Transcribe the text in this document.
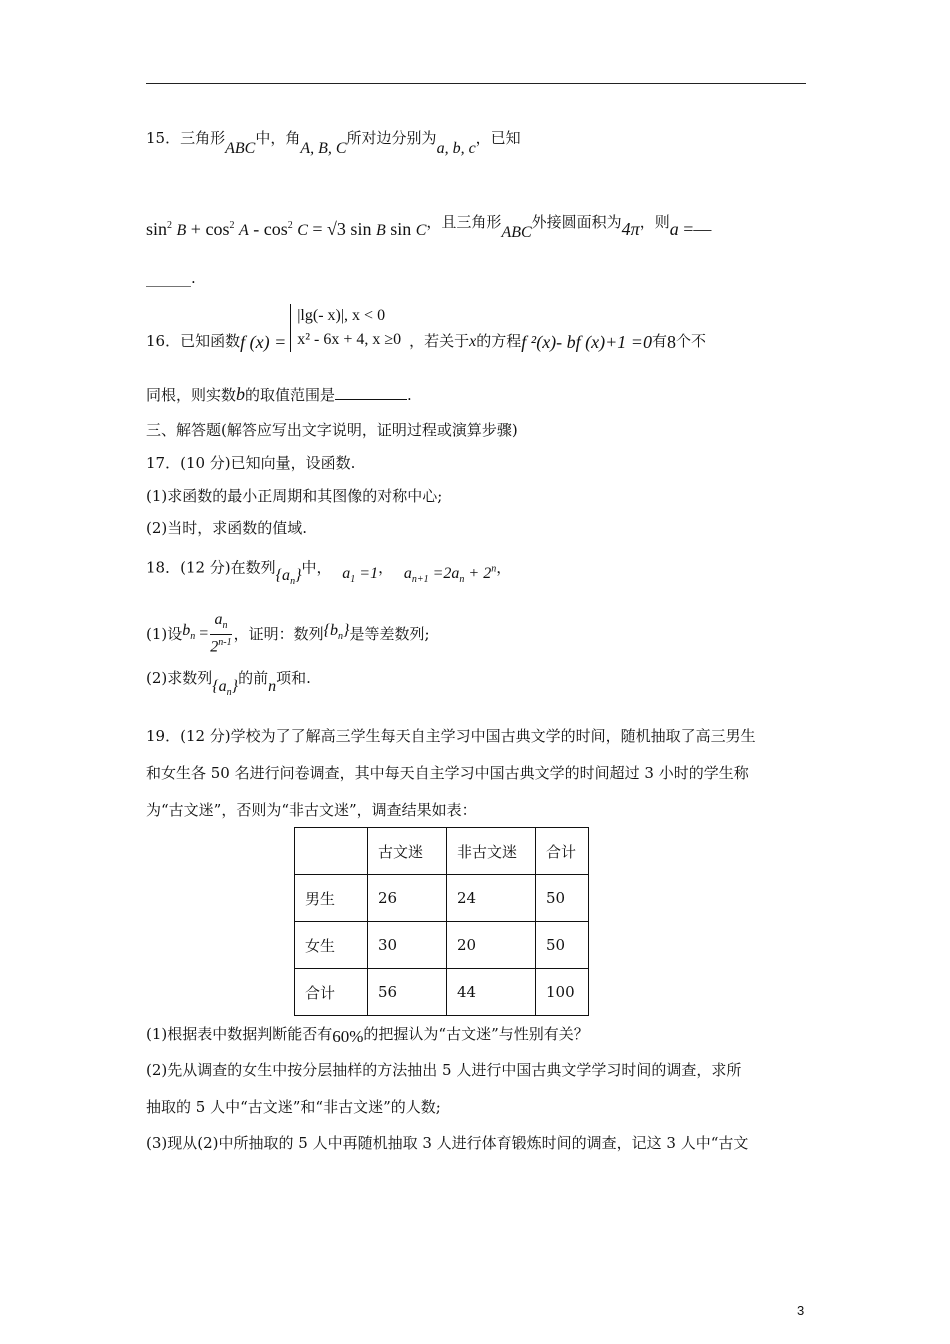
15．三角形ABC中，角A, B, C所对边分别为a, b, c，已知
$\sin^2 B + \cos^2 A - \cos^2 C = √3$ sin B sin C，且三角形ABC外接圆面积为4π，则a =—
______.
16．已知函数f (x) =
|lg(- x)|, x < 0
x² - 6x + 4, x ≥0 ，若关于x的方程f ²(x)- bf (x)+1 =0有8个不
同根，则实数b的取值范围是	.
三、解答题(解答应写出文字说明，证明过程或演算步骤)
17．(10 分)已知向量，设函数.
(1)求函数的最小正周期和其图像的对称中心;
(2)当时，求函数的值域.
18．(12 分)在数列$\{a_n\}$中， $a_1 =1$， $a_{n+1} =2a_n + 2^n$，
(1)设$b_n = \frac{a_n}{2^{n-1}}$ ，证明：数列$\{b_n\}$是等差数列;
(2)求数列$\{a_n\}$的前n项和.
19．(12 分)学校为了了解高三学生每天自主学习中国古典文学的时间，随机抽取了高三男生
和女生各 50 名进行问卷调查，其中每天自主学习中国古典文学的时间超过 3 小时的学生称
为“古文迷”，否则为“非古文迷”，调查结果如表：
	古文迷	非古文迷	合计
男生	26	24	50
女生	30	20	50
合计	56	44	100
(1)根据表中数据判断能否有60%的把握认为“古文迷”与性别有关？
(2)先从调查的女生中按分层抽样的方法抽出 5 人进行中国古典文学学习时间的调查，求所
抽取的 5 人中“古文迷”和“非古文迷”的人数;
(3)现从(2)中所抽取的 5 人中再随机抽取 3 人进行体育锻炼时间的调查，记这 3 人中“古文
3
